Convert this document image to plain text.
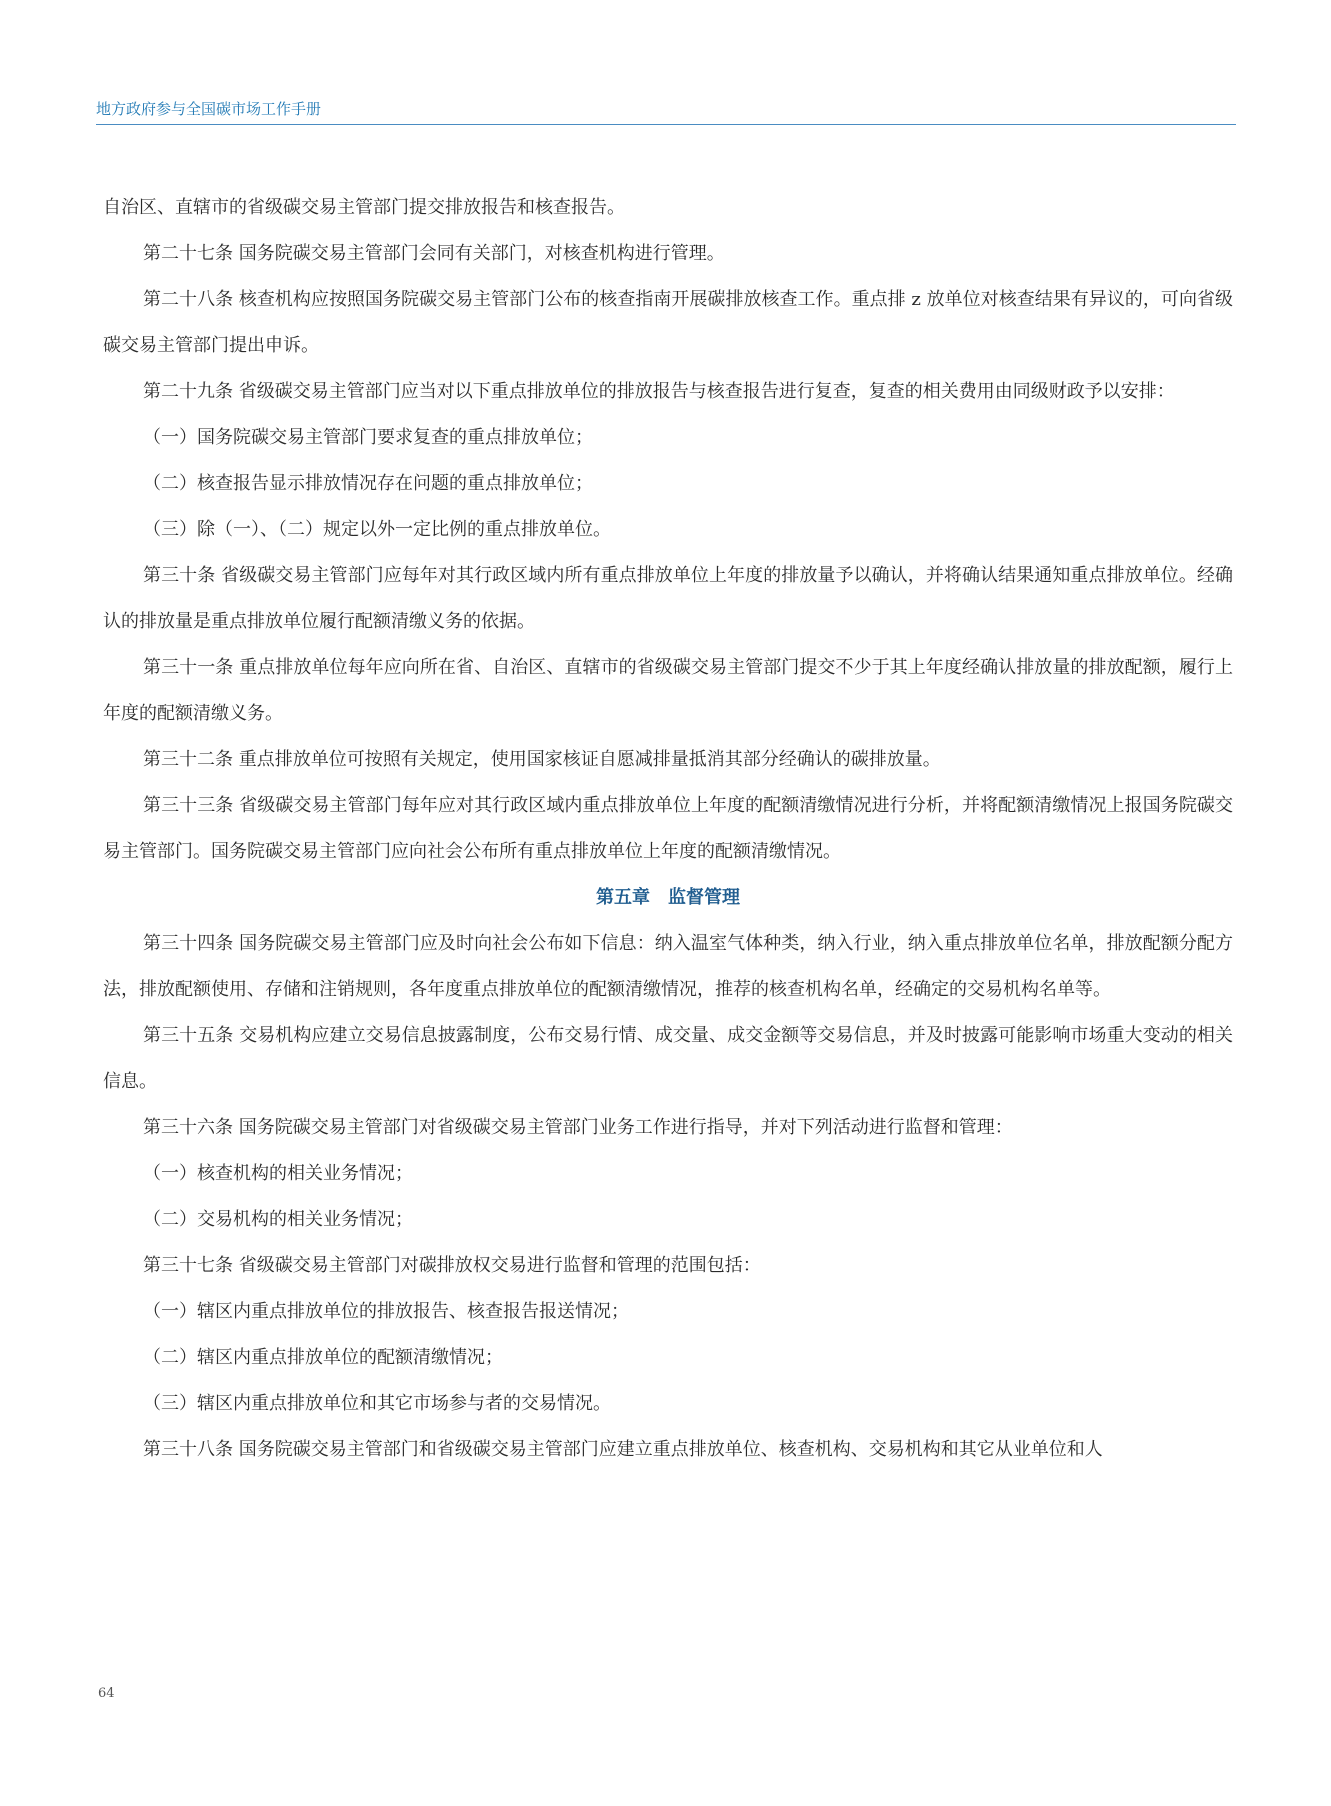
地方政府参与全国碳市场工作手册

自治区、直辖市的省级碳交易主管部门提交排放报告和核查报告。

第二十七条 国务院碳交易主管部门会同有关部门，对核查机构进行管理。

第二十八条 核查机构应按照国务院碳交易主管部门公布的核查指南开展碳排放核查工作。重点排 z 放单位对核查结果有异议的，可向省级碳交易主管部门提出申诉。

第二十九条 省级碳交易主管部门应当对以下重点排放单位的排放报告与核查报告进行复查，复查的相关费用由同级财政予以安排：

（一）国务院碳交易主管部门要求复查的重点排放单位；

（二）核查报告显示排放情况存在问题的重点排放单位；

（三）除（一）、（二）规定以外一定比例的重点排放单位。

第三十条 省级碳交易主管部门应每年对其行政区域内所有重点排放单位上年度的排放量予以确认，并将确认结果通知重点排放单位。经确认的排放量是重点排放单位履行配额清缴义务的依据。

第三十一条 重点排放单位每年应向所在省、自治区、直辖市的省级碳交易主管部门提交不少于其上年度经确认排放量的排放配额，履行上年度的配额清缴义务。

第三十二条 重点排放单位可按照有关规定，使用国家核证自愿减排量抵消其部分经确认的碳排放量。

第三十三条 省级碳交易主管部门每年应对其行政区域内重点排放单位上年度的配额清缴情况进行分析，并将配额清缴情况上报国务院碳交易主管部门。国务院碳交易主管部门应向社会公布所有重点排放单位上年度的配额清缴情况。

第五章　监督管理

第三十四条 国务院碳交易主管部门应及时向社会公布如下信息：纳入温室气体种类，纳入行业，纳入重点排放单位名单，排放配额分配方法，排放配额使用、存储和注销规则，各年度重点排放单位的配额清缴情况，推荐的核查机构名单，经确定的交易机构名单等。

第三十五条 交易机构应建立交易信息披露制度，公布交易行情、成交量、成交金额等交易信息，并及时披露可能影响市场重大变动的相关信息。

第三十六条 国务院碳交易主管部门对省级碳交易主管部门业务工作进行指导，并对下列活动进行监督和管理：

（一）核查机构的相关业务情况；

（二）交易机构的相关业务情况；

第三十七条 省级碳交易主管部门对碳排放权交易进行监督和管理的范围包括：

（一）辖区内重点排放单位的排放报告、核查报告报送情况；

（二）辖区内重点排放单位的配额清缴情况；

（三）辖区内重点排放单位和其它市场参与者的交易情况。

第三十八条 国务院碳交易主管部门和省级碳交易主管部门应建立重点排放单位、核查机构、交易机构和其它从业单位和人

64
